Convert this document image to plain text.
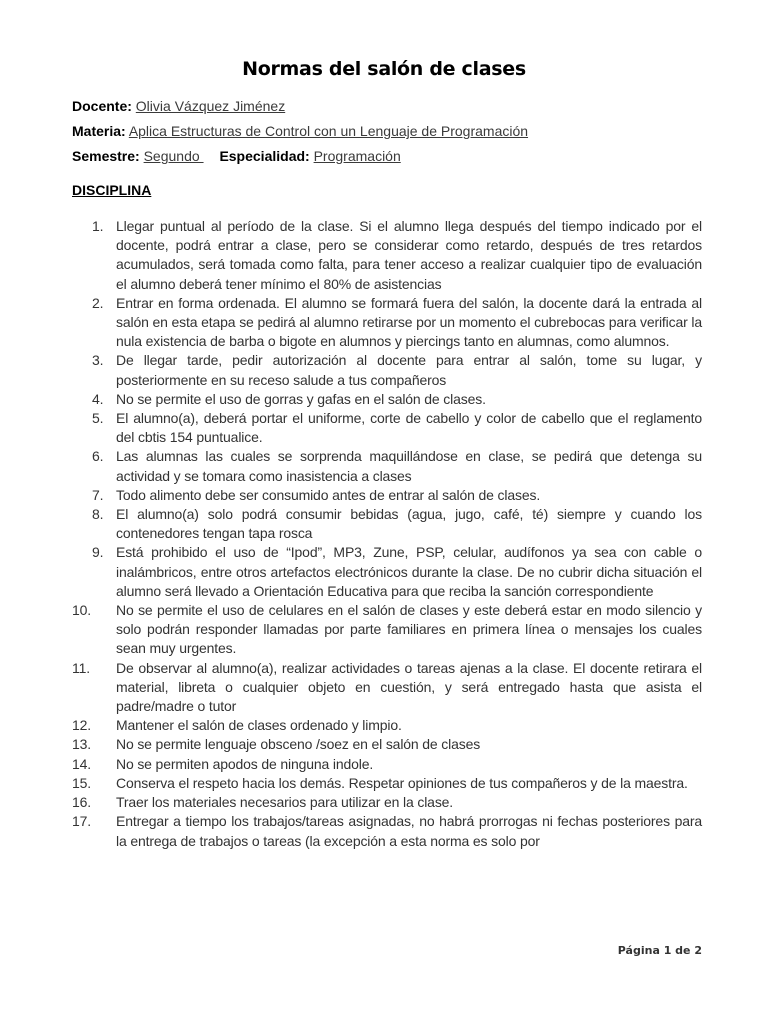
Normas del salón de clases
Docente: Olivia Vázquez Jiménez
Materia: Aplica Estructuras de Control con un Lenguaje de Programación
Semestre: Segundo  Especialidad: Programación
DISCIPLINA
1. Llegar puntual al período de la clase. Si el alumno llega después del tiempo indicado por el docente, podrá entrar a clase, pero se considerar como retardo, después de tres retardos acumulados, será tomada como falta, para tener acceso a realizar cualquier tipo de evaluación el alumno deberá tener mínimo el 80% de asistencias
2. Entrar en forma ordenada. El alumno se formará fuera del salón, la docente dará la entrada al salón en esta etapa se pedirá al alumno retirarse por un momento el cubrebocas para verificar la nula existencia de barba o bigote en alumnos y piercings tanto en alumnas, como alumnos.
3. De llegar tarde, pedir autorización al docente para entrar al salón, tome su lugar, y posteriormente en su receso salude a tus compañeros
4. No se permite el uso de gorras y gafas en el salón de clases.
5. El alumno(a), deberá portar el uniforme, corte de cabello y color de cabello que el reglamento del cbtis 154 puntualice.
6. Las alumnas las cuales se sorprenda maquillándose en clase, se pedirá que detenga su actividad y se tomara como inasistencia a clases
7. Todo alimento debe ser consumido antes de entrar al salón de clases.
8. El alumno(a) solo podrá consumir bebidas (agua, jugo, café, té) siempre y cuando los contenedores tengan tapa rosca
9. Está prohibido el uso de “Ipod”, MP3, Zune, PSP, celular, audífonos ya sea con cable o inalámbricos, entre otros artefactos electrónicos durante la clase. De no cubrir dicha situación el alumno será llevado a Orientación Educativa para que reciba la sanción correspondiente
10. No se permite el uso de celulares en el salón de clases y este deberá estar en modo silencio y solo podrán responder llamadas por parte familiares en primera línea o mensajes los cuales sean muy urgentes.
11. De observar al alumno(a), realizar actividades o tareas ajenas a la clase. El docente retirara el material, libreta o cualquier objeto en cuestión, y será entregado hasta que asista el padre/madre o tutor
12. Mantener el salón de clases ordenado y limpio.
13. No se permite lenguaje obsceno /soez en el salón de clases
14. No se permiten apodos de ninguna indole.
15. Conserva el respeto hacia los demás. Respetar opiniones de tus compañeros y de la maestra.
16. Traer los materiales necesarios para utilizar en la clase.
17. Entregar a tiempo los trabajos/tareas asignadas, no habrá prorrogas ni fechas posteriores para la entrega de trabajos o tareas (la excepción a esta norma es solo por
Página 1 de 2
